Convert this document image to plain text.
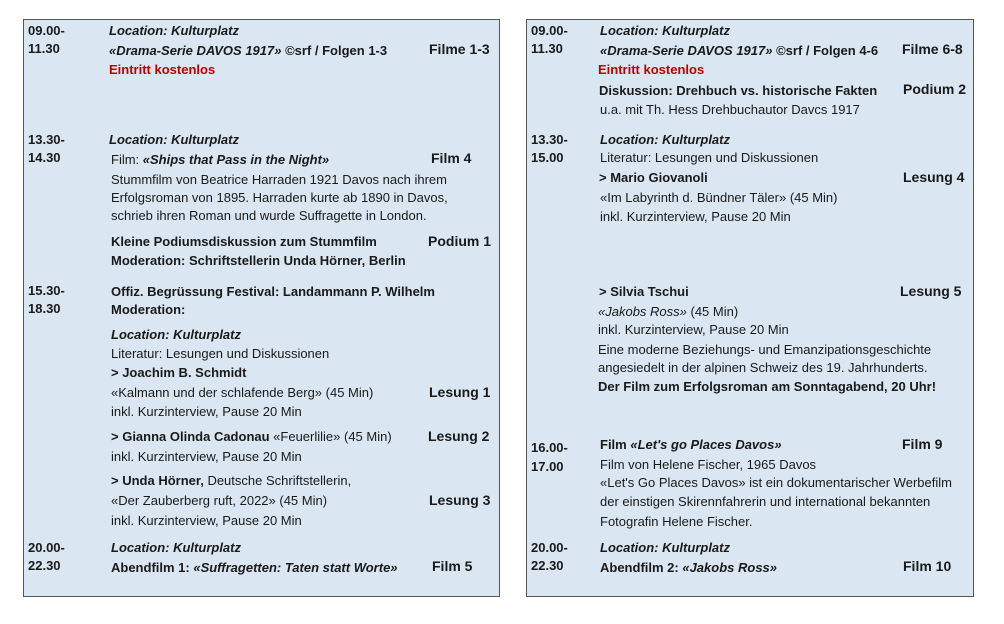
09.00-
11.30
Location: Kulturplatz
«Drama-Serie DAVOS 1917» ©srf / Folgen 1-3	Filme 1-3
Eintritt kostenlos
13.30-
14.30
Location: Kulturplatz
Film: «Ships that Pass in the Night»	Film 4
Stummfilm von Beatrice Harraden 1921 Davos nach ihrem
Erfolgsroman von 1895. Harraden kurte ab 1890 in Davos,
schrieb ihren Roman und wurde Suffragette in London.
Kleine Podiumsdiskussion zum Stummfilm	Podium 1
Moderation: Schriftstellerin Unda Hörner, Berlin
15.30-
18.30
Offiz. Begrüssung Festival: Landammann P. Wilhelm
Moderation:
Location: Kulturplatz
Literatur: Lesungen und Diskussionen
> Joachim B. Schmidt
«Kalmann und der schlafende Berg» (45 Min)	Lesung 1
inkl. Kurzinterview, Pause 20 Min
> Gianna Olinda Cadonau «Feuerlilie» (45 Min)	Lesung 2
inkl. Kurzinterview, Pause 20 Min
> Unda Hörner, Deutsche Schriftstellerin,
«Der Zauberberg ruft, 2022» (45 Min)	Lesung 3
inkl. Kurzinterview, Pause 20 Min
20.00-
22.30
Location: Kulturplatz
Abendfilm 1: «Suffragetten: Taten statt Worte» Film 5
09.00-
11.30
Location: Kulturplatz
«Drama-Serie DAVOS 1917» ©srf / Folgen 4-6 Filme 6-8
Eintritt kostenlos
Diskussion: Drehbuch vs. historische Fakten Podium 2
u.a. mit Th. Hess Drehbuchautor Davcs 1917
13.30-
15.00
Location: Kulturplatz
Literatur: Lesungen und Diskussionen
> Mario Giovanoli	Lesung 4
«Im Labyrinth d. Bündner Täler» (45 Min)
inkl. Kurzinterview, Pause 20 Min
> Silvia Tschui	Lesung 5
«Jakobs Ross» (45 Min)
inkl. Kurzinterview, Pause 20 Min
Eine moderne Beziehungs- und Emanzipationsgeschichte
angesiedelt in der alpinen Schweiz des 19. Jahrhunderts.
Der Film zum Erfolgsroman am Sonntagabend, 20 Uhr!
16.00-
17.00
Film «Let's go Places Davos»	Film 9
Film von Helene Fischer, 1965 Davos
«Let's Go Places Davos» ist ein dokumentarischer Werbefilm
der einstigen Skirennfahrerin und international bekannten
Fotografin Helene Fischer.
20.00-
22.30
Location: Kulturplatz
Abendfilm 2: «Jakobs Ross»	Film 10
